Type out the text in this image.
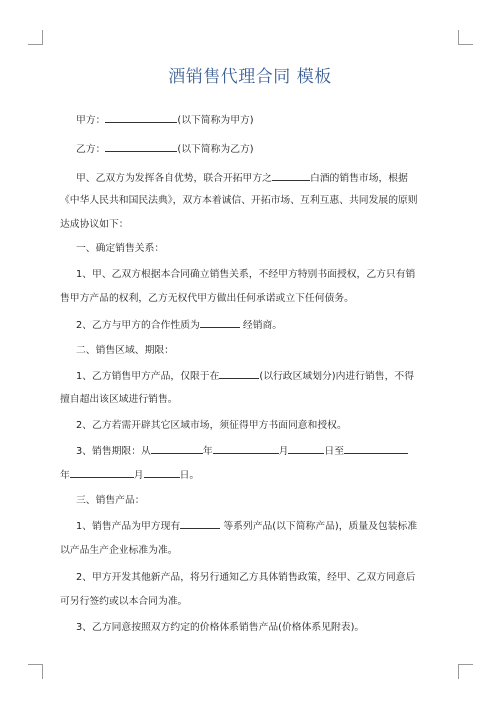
酒销售代理合同 模板

甲方：	(以下简称为甲方)

乙方：	(以下简称为乙方)

甲、乙双方为发挥各自优势，联合开拓甲方之	白酒的销售市场，根据

《中华人民共和国民法典》，双方本着诚信、开拓市场、互利互惠、共同发展的原则

达成协议如下：

一、确定销售关系：

1、甲、乙双方根据本合同确立销售关系，不经甲方特别书面授权，乙方只有销

售甲方产品的权利，乙方无权代甲方做出任何承诺或立下任何债务。

2、乙方与甲方的合作性质为	经销商。

二、销售区域、期限：

1、乙方销售甲方产品，仅限于在	(以行政区域划分)内进行销售，不得

擅自超出该区域进行销售。

2、乙方若需开辟其它区域市场，须征得甲方书面同意和授权。

3、销售期限：从	年	月	日至

年	月	日。

三、销售产品：

1、销售产品为甲方现有	等系列产品(以下简称产品)，质量及包装标准

以产品生产企业标准为准。

2、甲方开发其他新产品，将另行通知乙方具体销售政策，经甲、乙双方同意后

可另行签约或以本合同为准。

3、乙方同意按照双方约定的价格体系销售产品(价格体系见附表)。
